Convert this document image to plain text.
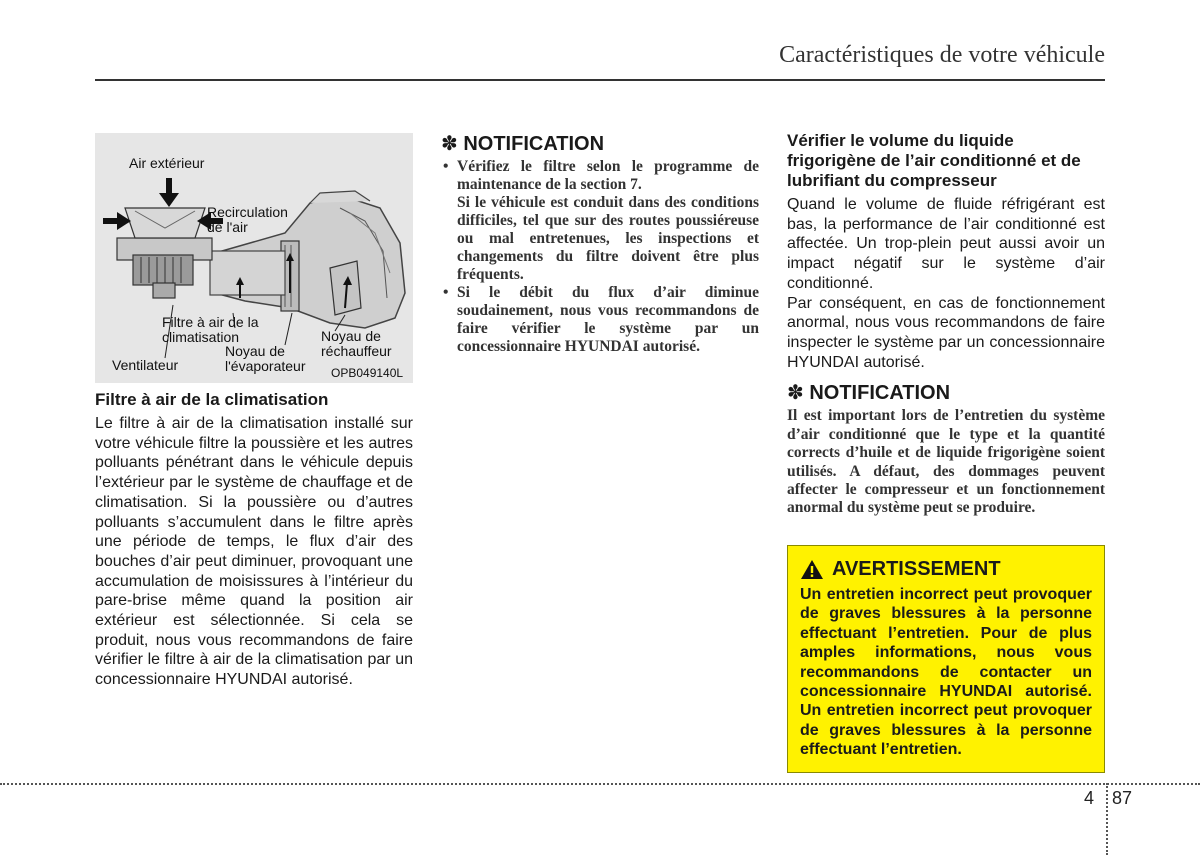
Caractéristiques de votre véhicule
Air extérieur
Recirculation
de l'air
Filtre à air de la
climatisation
Noyau de
l'évaporateur
Noyau de
réchauffeur
Ventilateur	OPB049140L
Filtre à air de la climatisation

Le filtre à air de la climatisation installé sur votre véhicule filtre la poussière et les autres polluants pénétrant dans le véhicule depuis l’extérieur par le système de chauffage et de climatisation. Si la poussière ou d’autres polluants s’accumulent dans le filtre après une période de temps, le flux d’air des bouches d’air peut diminuer, provoquant une accumulation de moisissures à l’intérieur du pare-brise même quand la position air extérieur est sélectionnée. Si cela se produit, nous vous recommandons de faire vérifier le filtre à air de la climatisation par un concessionnaire HYUNDAI autorisé.

✽ NOTIFICATION

• Vérifiez le filtre selon le programme de maintenance de la section 7.

Si le véhicule est conduit dans des conditions difficiles, tel que sur des routes poussiéreuse ou mal entretenues, les inspections et changements du filtre doivent être plus fréquents.

• Si le débit du flux d’air diminue soudainement, nous vous recommandons de faire vérifier le système par un concessionnaire HYUNDAI autorisé.

Vérifier le volume du liquide frigorigène de l’air conditionné et de lubrifiant du compresseur

Quand le volume de fluide réfrigérant est bas, la performance de l’air conditionné est affectée. Un trop-plein peut aussi avoir un impact négatif sur le système d’air conditionné.

Par conséquent, en cas de fonctionnement anormal, nous vous recommandons de faire inspecter le système par un concessionnaire HYUNDAI autorisé.

✽ NOTIFICATION

Il est important lors de l’entretien du système d’air conditionné que le type et la quantité corrects d’huile et de liquide frigorigène soient utilisés. A défaut, des dommages peuvent affecter le compresseur et un fonctionnement anormal du système peut se produire.

AVERTISSEMENT

Un entretien incorrect peut provoquer de graves blessures à la personne effectuant l’entretien. Pour de plus amples informations, nous vous recommandons de contacter un concessionnaire HYUNDAI autorisé. Un entretien incorrect peut provoquer de graves blessures à la personne effectuant l’entretien.

4 87
